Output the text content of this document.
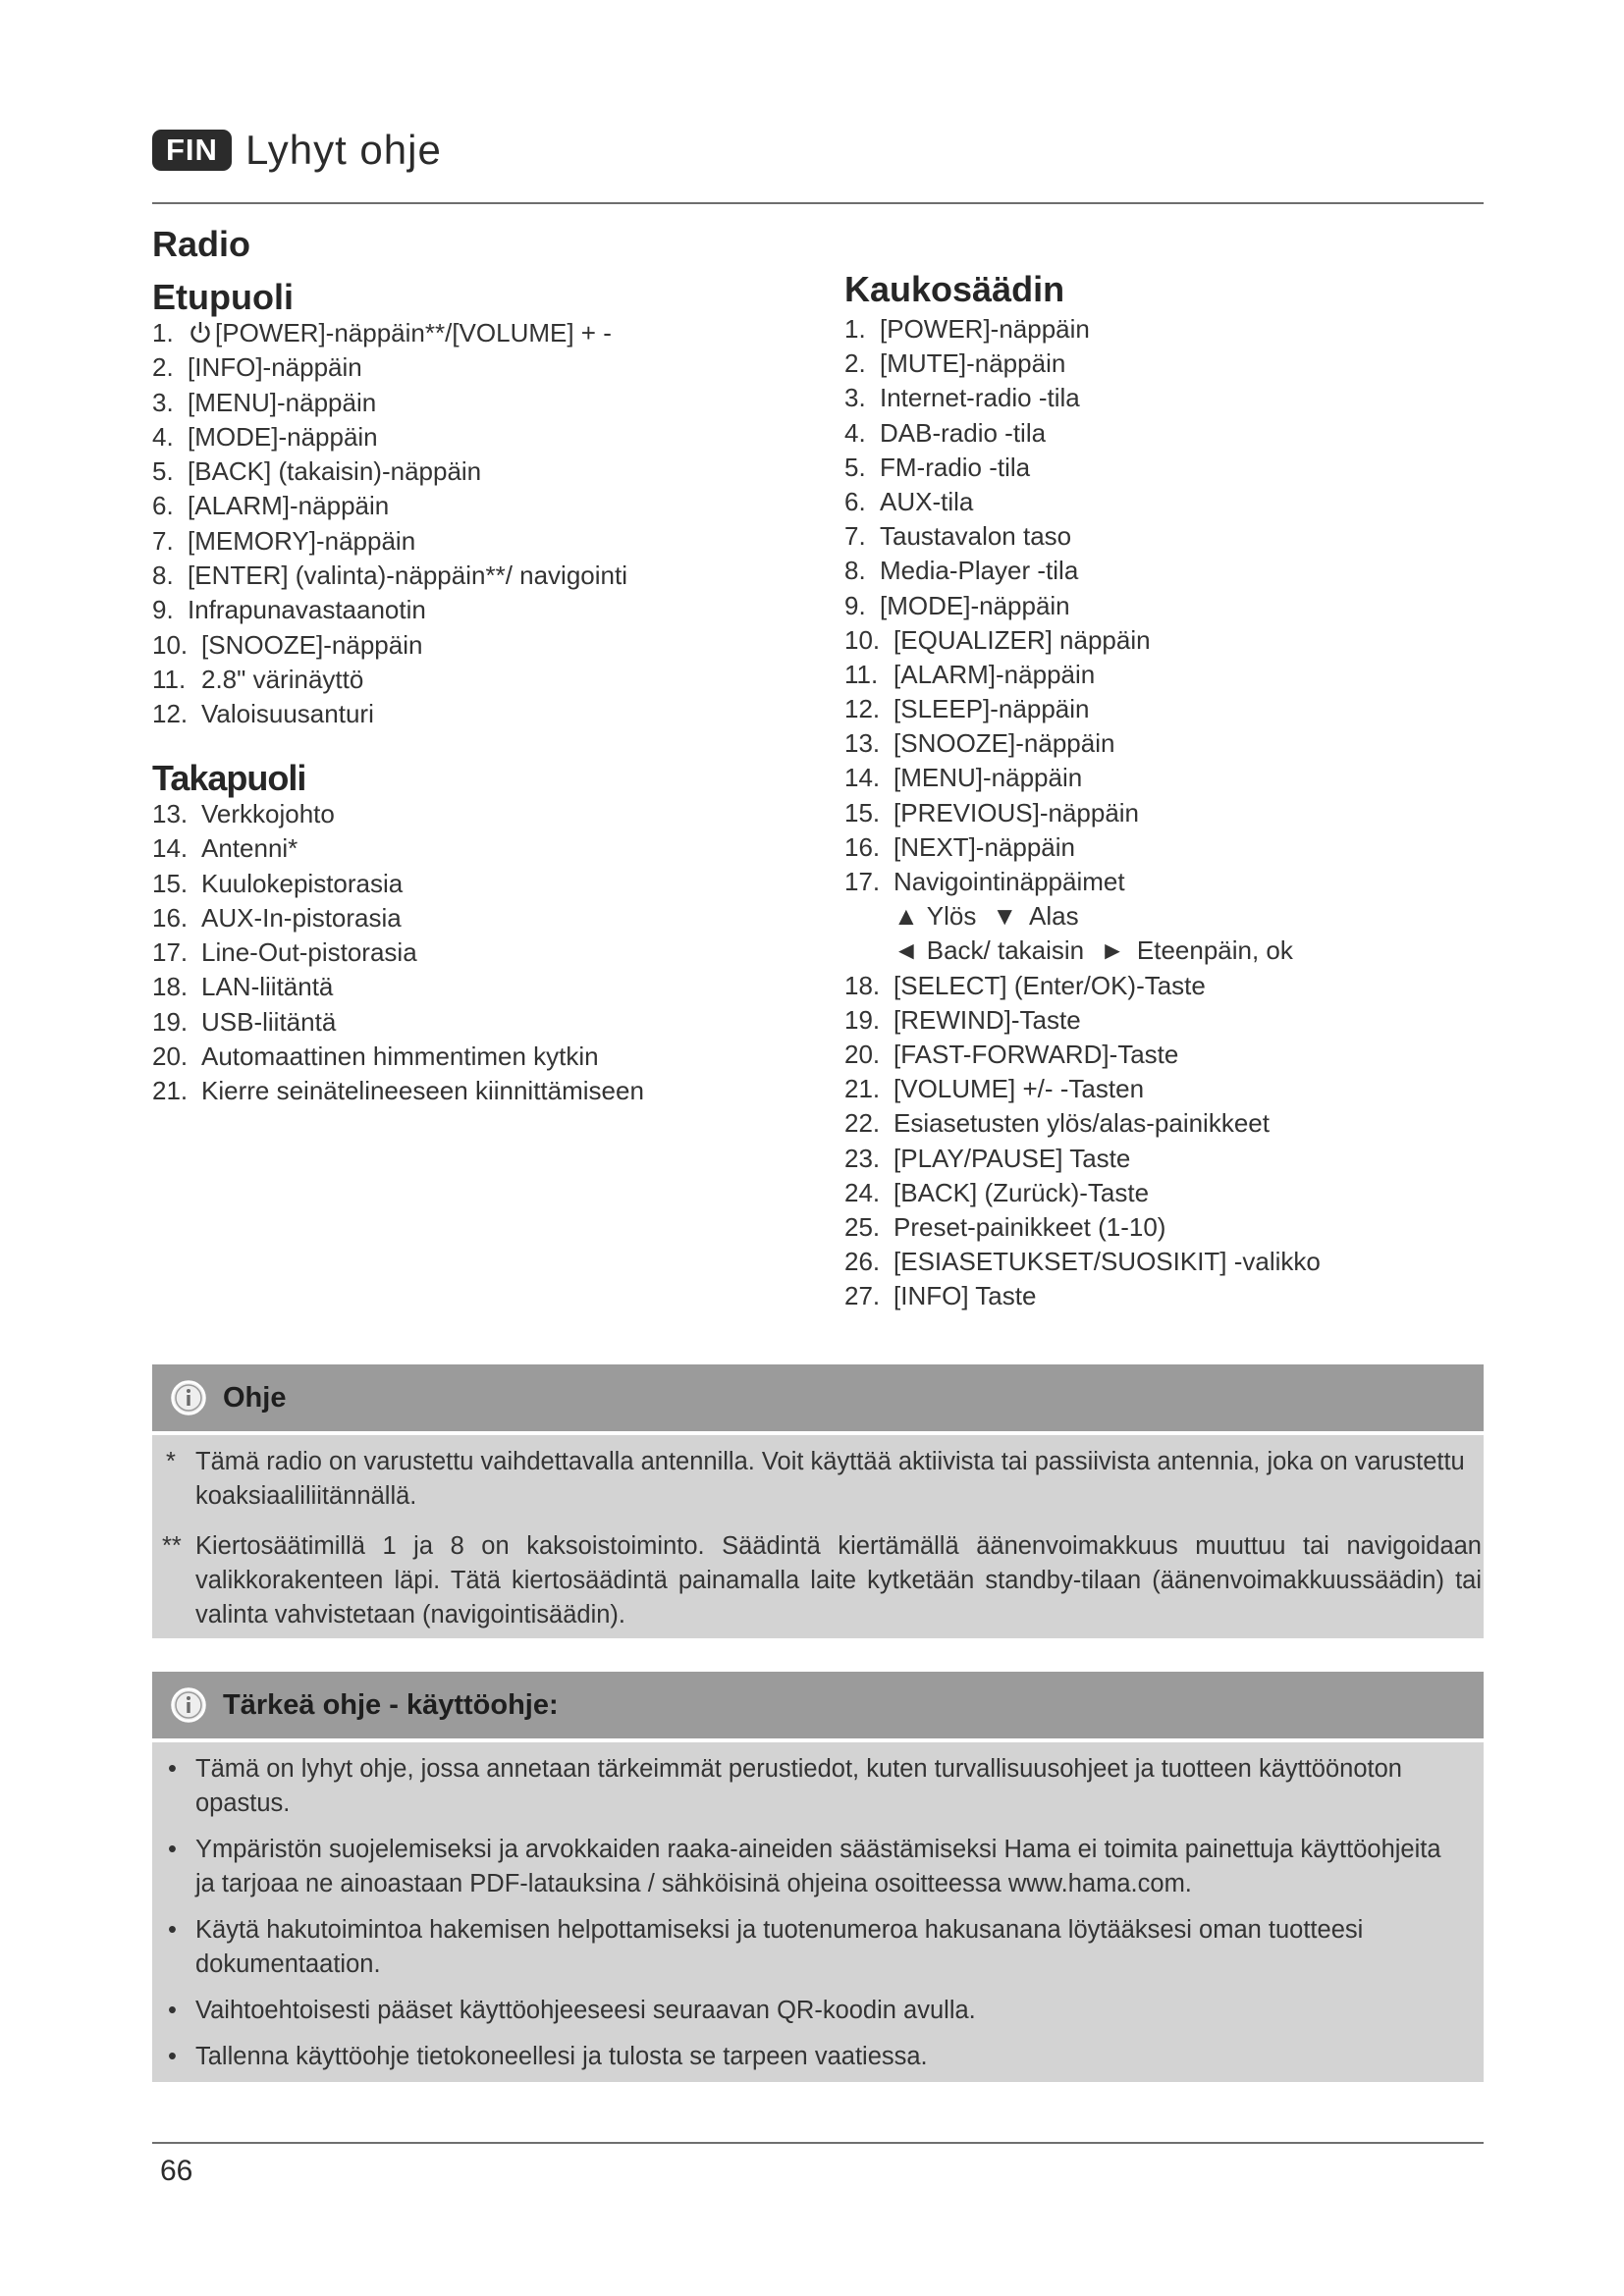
FIN Lyhyt ohje
Radio
Etupuoli
1. [POWER]-näppäin**/[VOLUME] + -
2. [INFO]-näppäin
3. [MENU]-näppäin
4. [MODE]-näppäin
5. [BACK] (takaisin)-näppäin
6. [ALARM]-näppäin
7. [MEMORY]-näppäin
8. [ENTER] (valinta)-näppäin**/ navigointi
9. Infrapunavastaanotin
10. [SNOOZE]-näppäin
11. 2.8" värinäyttö
12. Valoisuusanturi
Takapuoli
13. Verkkojohto
14. Antenni*
15. Kuulokepistorasia
16. AUX-In-pistorasia
17. Line-Out-pistorasia
18. LAN-liitäntä
19. USB-liitäntä
20. Automaattinen himmentimen kytkin
21. Kierre seinätelineeseen kiinnittämiseen
Kaukosäädin
1. [POWER]-näppäin
2. [MUTE]-näppäin
3. Internet-radio -tila
4. DAB-radio -tila
5. FM-radio -tila
6. AUX-tila
7. Taustavalon taso
8. Media-Player -tila
9. [MODE]-näppäin
10. [EQUALIZER] näppäin
11. [ALARM]-näppäin
12. [SLEEP]-näppäin
13. [SNOOZE]-näppäin
14. [MENU]-näppäin
15. [PREVIOUS]-näppäin
16. [NEXT]-näppäin
17. Navigointinäppäimet
▲ Ylös ▼ Alas
◄ Back/ takaisin ► Eteenpäin, ok
18. [SELECT] (Enter/OK)-Taste
19. [REWIND]-Taste
20. [FAST-FORWARD]-Taste
21. [VOLUME] +/- -Tasten
22. Esiasetusten ylös/alas-painikkeet
23. [PLAY/PAUSE] Taste
24. [BACK] (Zurück)-Taste
25. Preset-painikkeet (1-10)
26. [ESIASETUKSET/SUOSIKIT] -valikko
27. [INFO] Taste
Ohje
* Tämä radio on varustettu vaihdettavalla antennilla. Voit käyttää aktiivista tai passiivista antennia, joka on varustettu koaksiaaliliitännällä.
** Kiertosäätimillä 1 ja 8 on kaksoistoiminto. Säädintä kiertämällä äänenvoimakkuus muuttuu tai navigoidaan valikkorakenteen läpi. Tätä kiertosäädintä painamalla laite kytketään standby-tilaan (äänenvoimakkuussäädin) tai valinta vahvistetaan (navigointisäädin).
Tärkeä ohje - käyttöohje:
• Tämä on lyhyt ohje, jossa annetaan tärkeimmät perustiedot, kuten turvallisuusohjeet ja tuotteen käyttöönoton opastus.
• Ympäristön suojelemiseksi ja arvokkaiden raaka-aineiden säästämiseksi Hama ei toimita painettuja käyttöohjeita ja tarjoaa ne ainoastaan PDF-latauksina / sähköisinä ohjeina osoitteessa www.hama.com.
• Käytä hakutoimintoa hakemisen helpottamiseksi ja tuotenumeroa hakusanana löytääksesi oman tuotteesi dokumentaation.
• Vaihtoehtoisesti pääset käyttöohjeeseesi seuraavan QR-koodin avulla.
• Tallenna käyttöohje tietokoneellesi ja tulosta se tarpeen vaatiessa.
66
